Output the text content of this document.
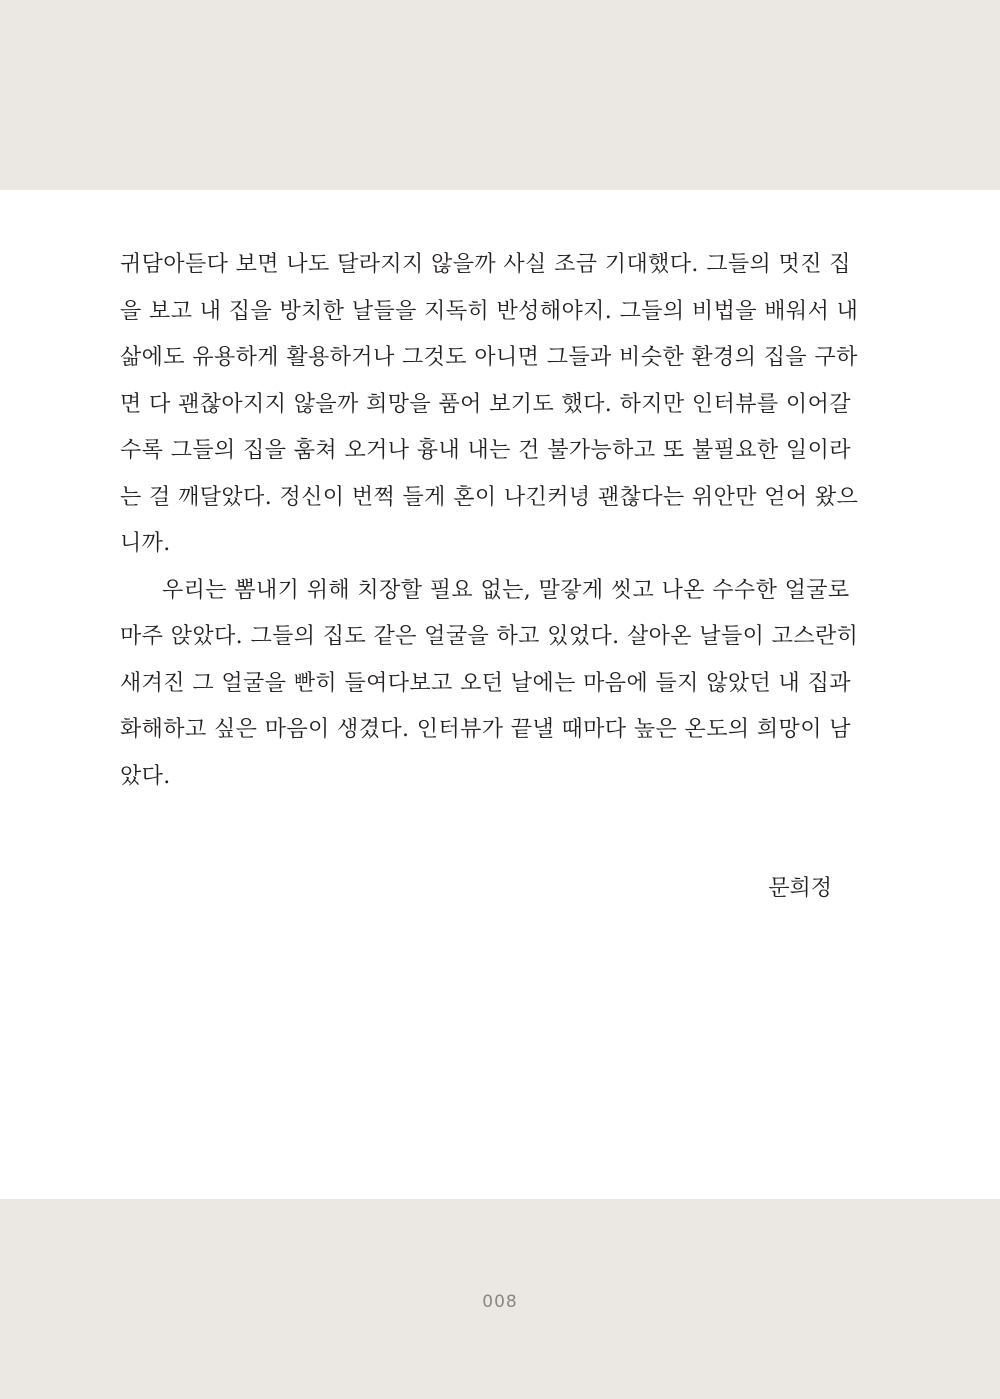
귀담아듣다 보면 나도 달라지지 않을까 사실 조금 기대했다. 그들의 멋진 집
을 보고 내 집을 방치한 날들을 지독히 반성해야지. 그들의 비법을 배워서 내
삶에도 유용하게 활용하거나 그것도 아니면 그들과 비슷한 환경의 집을 구하
면 다 괜찮아지지 않을까 희망을 품어 보기도 했다. 하지만 인터뷰를 이어갈
수록 그들의 집을 훔쳐 오거나 흉내 내는 건 불가능하고 또 불필요한 일이라
는 걸 깨달았다. 정신이 번쩍 들게 혼이 나긴커녕 괜찮다는 위안만 얻어 왔으
니까.
우리는 뽐내기 위해 치장할 필요 없는, 말갛게 씻고 나온 수수한 얼굴로
마주 앉았다. 그들의 집도 같은 얼굴을 하고 있었다. 살아온 날들이 고스란히
새겨진 그 얼굴을 빤히 들여다보고 오던 날에는 마음에 들지 않았던 내 집과
화해하고 싶은 마음이 생겼다. 인터뷰가 끝낼 때마다 높은 온도의 희망이 남
았다.
문희정
008
